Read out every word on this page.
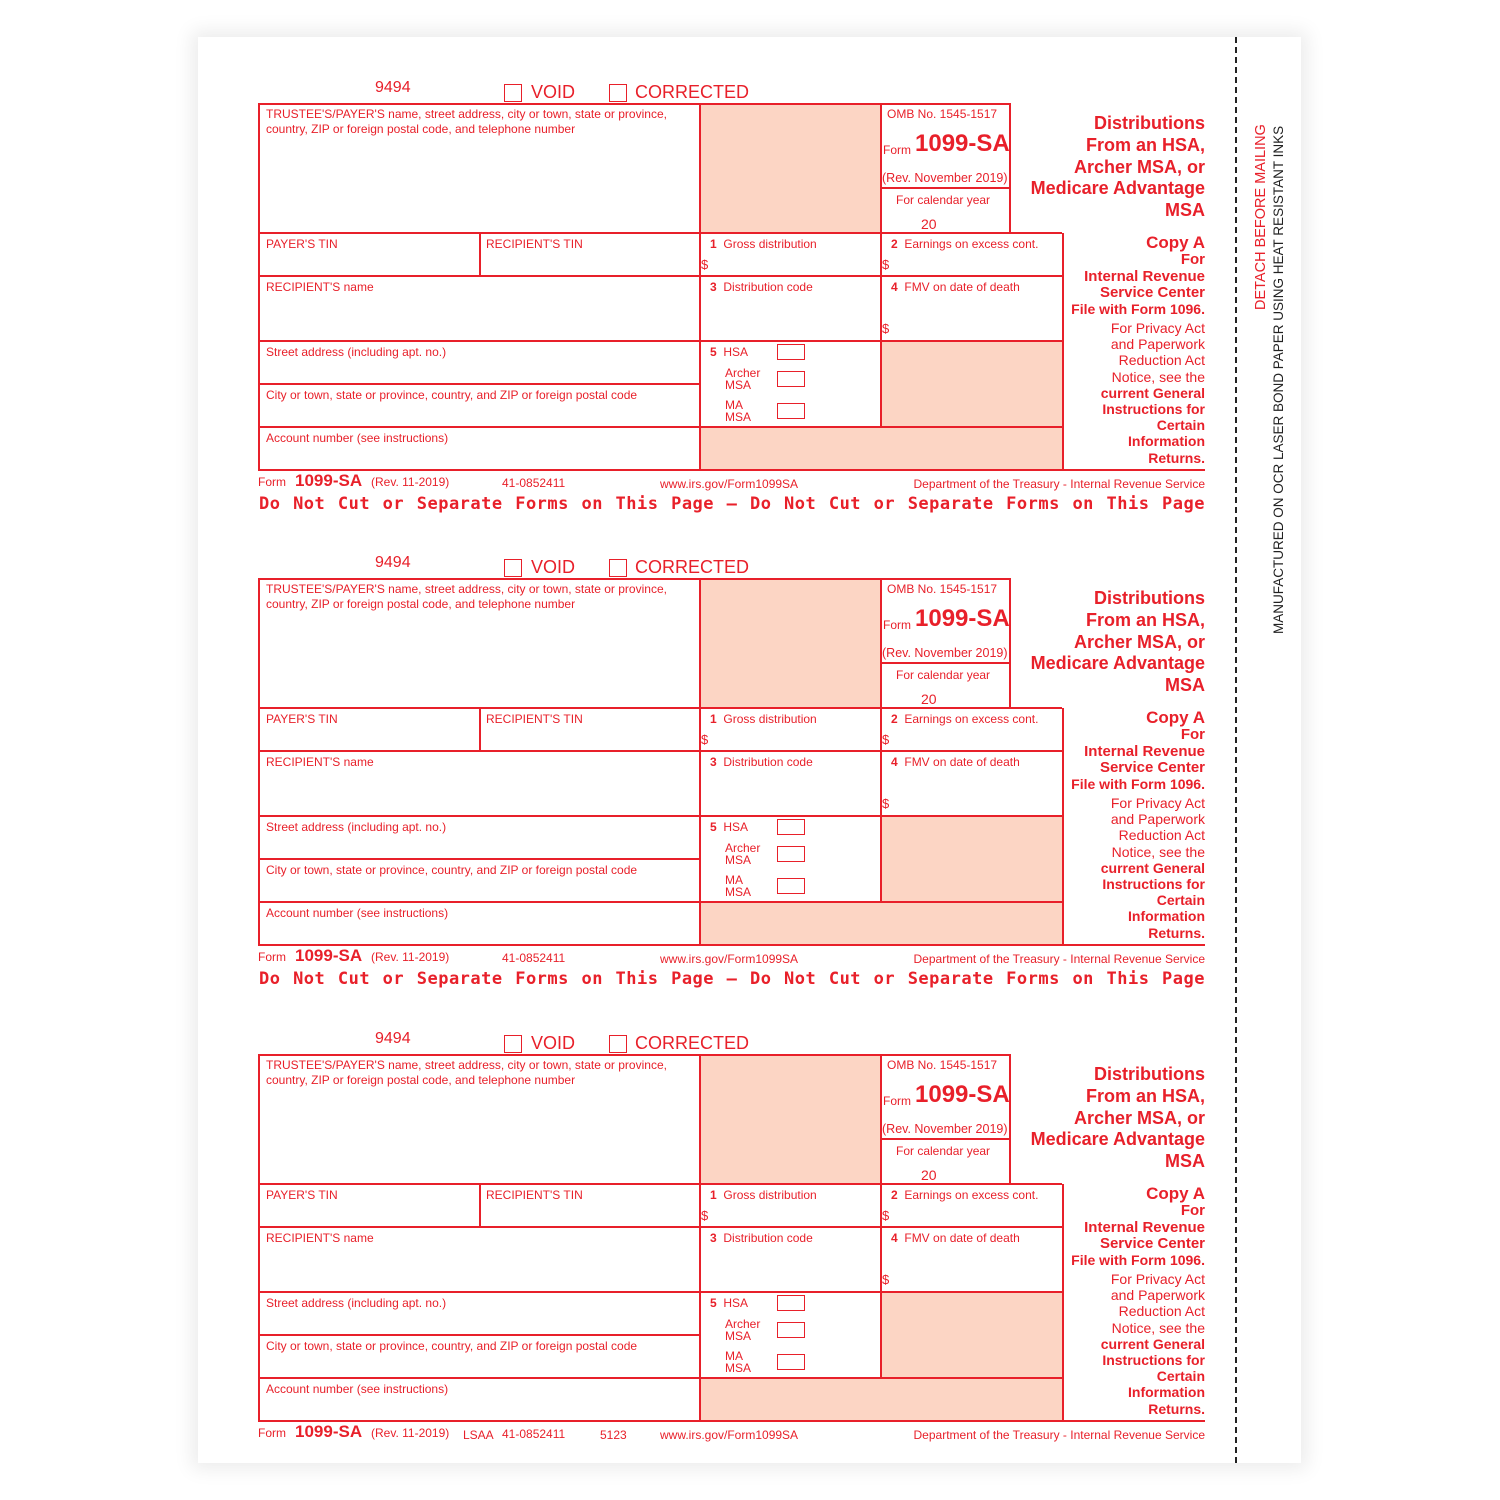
DETACH BEFORE MAILING MANUFACTURED ON OCR LASER BOND PAPER USING HEAT RESISTANT INKS
9494	VOID	CORRECTED
TRUSTEE'S/PAYER'S name, street address, city or town, state or province,
country, ZIP or foreign postal code, and telephone number
OMB No. 1545-1517
Form 1099-SA
(Rev. November 2019)
For calendar year
20
Distributions
From an HSA,
Archer MSA, or
Medicare Advantage
MSA
PAYER'S TIN	RECIPIENT'S TIN	1 Gross distribution	2 Earnings on excess cont.
$	$
RECIPIENT'S name	3 Distribution code	4 FMV on date of death
$
Street address (including apt. no.)
City or town, state or province, country, and ZIP or foreign postal code
Account number (see instructions)
5 HSA
Archer
MSA
MA
MSA
Copy A
For
Internal Revenue
Service Center
File with Form 1096.
For Privacy Act
and Paperwork
Reduction Act
Notice, see the
current General
Instructions for
Certain
Information
Returns.
Form 1099-SA (Rev. 11-2019)	41-0852411	www.irs.gov/Form1099SA	Department of the Treasury - Internal Revenue Service
Do Not Cut or Separate Forms on This Page — Do Not Cut or Separate Forms on This Page
9494	VOID	CORRECTED
TRUSTEE'S/PAYER'S name, street address, city or town, state or province,
country, ZIP or foreign postal code, and telephone number
OMB No. 1545-1517
Form 1099-SA
(Rev. November 2019)
For calendar year
20
Distributions
From an HSA,
Archer MSA, or
Medicare Advantage
MSA
PAYER'S TIN	RECIPIENT'S TIN	1 Gross distribution	2 Earnings on excess cont.
$	$
RECIPIENT'S name	3 Distribution code	4 FMV on date of death
$
Street address (including apt. no.)
City or town, state or province, country, and ZIP or foreign postal code
Account number (see instructions)
5 HSA
Archer
MSA
MA
MSA
Copy A
For
Internal Revenue
Service Center
File with Form 1096.
For Privacy Act
and Paperwork
Reduction Act
Notice, see the
current General
Instructions for
Certain
Information
Returns.
Form 1099-SA (Rev. 11-2019)	41-0852411	www.irs.gov/Form1099SA	Department of the Treasury - Internal Revenue Service
Do Not Cut or Separate Forms on This Page — Do Not Cut or Separate Forms on This Page
9494	VOID	CORRECTED
TRUSTEE'S/PAYER'S name, street address, city or town, state or province,
country, ZIP or foreign postal code, and telephone number
OMB No. 1545-1517
Form 1099-SA
(Rev. November 2019)
For calendar year
20
Distributions
From an HSA,
Archer MSA, or
Medicare Advantage
MSA
PAYER'S TIN	RECIPIENT'S TIN	1 Gross distribution	2 Earnings on excess cont.
$	$
RECIPIENT'S name	3 Distribution code	4 FMV on date of death
$
Street address (including apt. no.)
City or town, state or province, country, and ZIP or foreign postal code
Account number (see instructions)
5 HSA
Archer
MSA
MA
MSA
Copy A
For
Internal Revenue
Service Center
File with Form 1096.
For Privacy Act
and Paperwork
Reduction Act
Notice, see the
current General
Instructions for
Certain
Information
Returns.
Form 1099-SA (Rev. 11-2019) LSAA 41-0852411	5123	www.irs.gov/Form1099SA	Department of the Treasury - Internal Revenue Service
